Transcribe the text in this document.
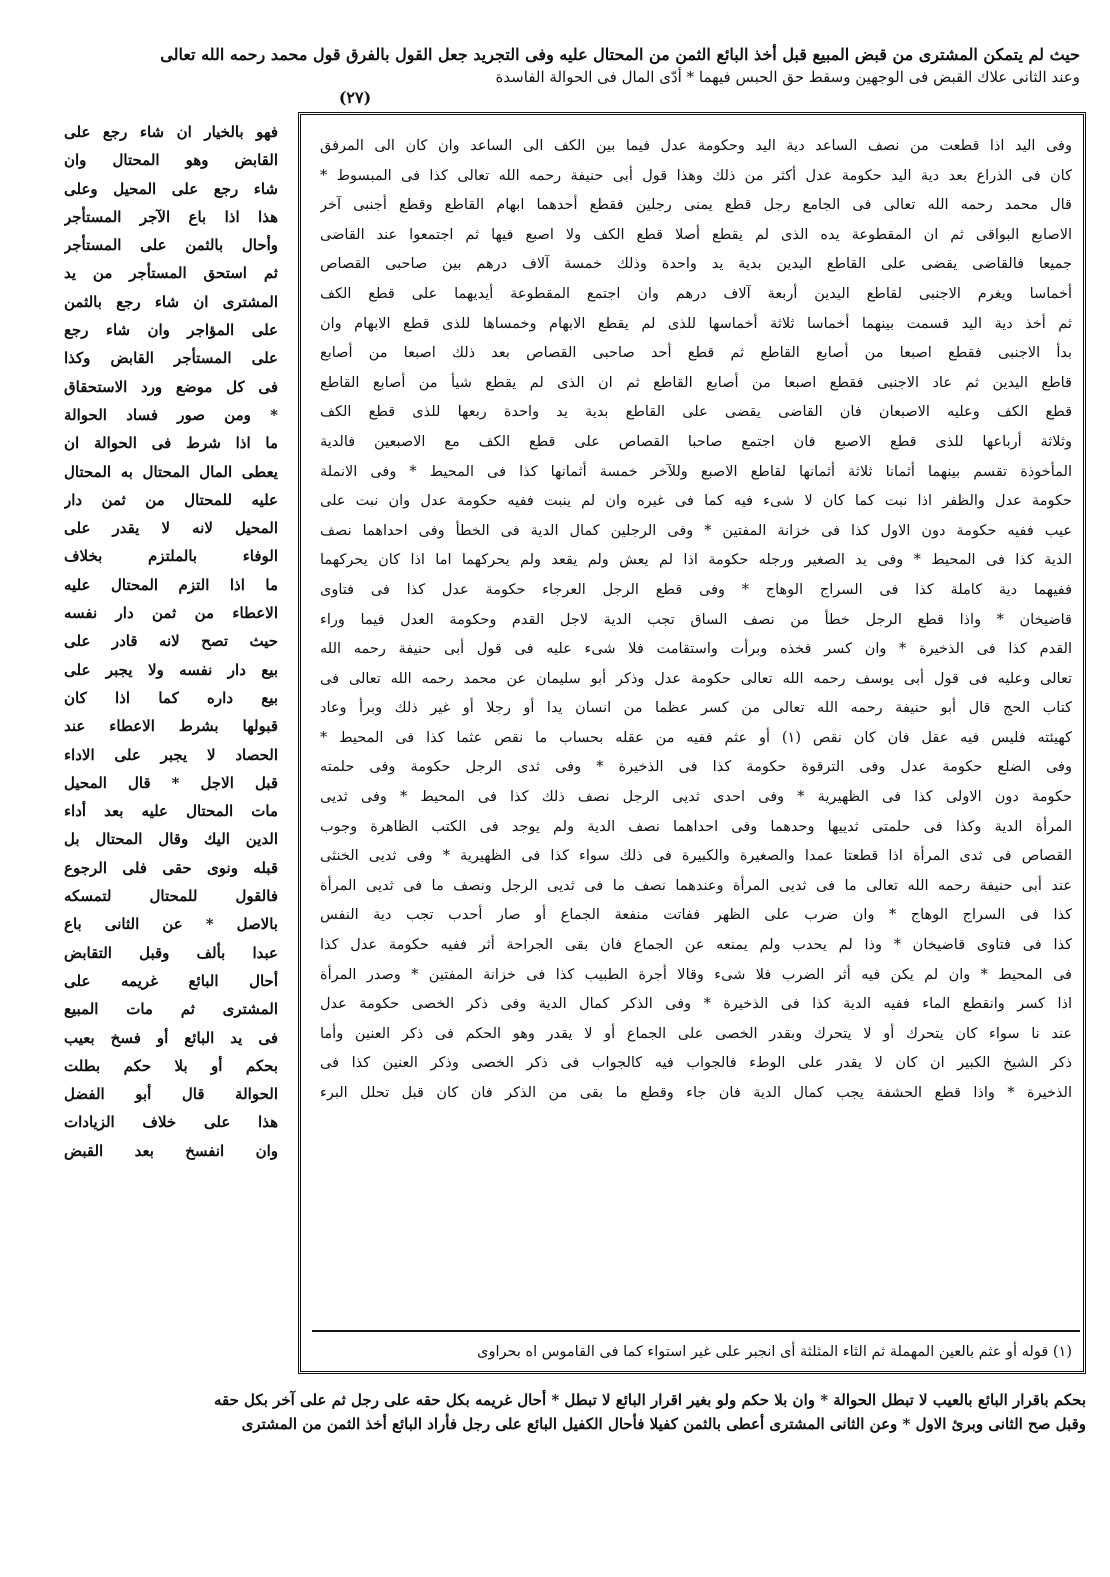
حيث لم يتمكن المشترى من قبض المبيع قبل أخذ البائع الثمن من المحتال عليه وفى التجريد جعل القول بالفرق قول محمد رحمه الله تعالى
وعند الثانى علاك القبض فى الوجهين وسقط حق الحبس فيهما * أدّى المال فى الحوالة الفاسدة
(٢٧)
وفى اليد اذا قطعت من نصف الساعد دية اليد وحكومة عدل فيما بين الكف الى الساعد وان كان الى المرفق
كان فى الذراع بعد دية اليد حكومة عدل أكثر من ذلك وهذا قول أبى حنيفة رحمه الله تعالى كذا فى المبسوط *
قال محمد رحمه الله تعالى فى الجامع رجل قطع يمنى رجلين فقطع أحدهما ابهام القاطع وقطع أجنبى آخر
الاصابع البواقى ثم ان المقطوعة يده الذى لم يقطع أصلا قطع الكف ولا اصبع فيها ثم اجتمعوا عند القاضى
جميعا فالقاضى يقضى على القاطع اليدين بدية يد واحدة وذلك خمسة آلاف درهم بين صاحبى القصاص
أخماسا ويغرم الاجنبى لقاطع اليدين أربعة آلاف درهم وان اجتمع المقطوعة أيديهما على قطع الكف
ثم أخذ دية اليد قسمت بينهما أخماسا ثلاثة أخماسها للذى لم يقطع الابهام وخمساها للذى قطع الابهام وان
بدأ الاجنبى فقطع اصبعا من أصابع القاطع ثم قطع أحد صاحبى القصاص بعد ذلك اصبعا من أصابع
قاطع اليدين ثم عاد الاجنبى فقطع اصبعا من أصابع القاطع ثم ان الذى لم يقطع شيأ من أصابع القاطع
قطع الكف وعليه الاصبعان فان القاضى يقضى على القاطع بدية يد واحدة ربعها للذى قطع الكف
وثلاثة أرباعها للذى قطع الاصبع فان اجتمع صاحبا القصاص على قطع الكف مع الاصبعين فالدية
المأخوذة تقسم بينهما أثمانا ثلاثة أثمانها لقاطع الاصبع وللآخر خمسة أثمانها كذا فى المحيط * وفى الانملة
حكومة عدل والظفر اذا نبت كما كان لا شىء فيه كما فى غيره وان لم ينبت ففيه حكومة عدل وان نبت على
عيب ففيه حكومة دون الاول كذا فى خزانة المفتين * وفى الرجلين كمال الدية فى الخطأ وفى احداهما نصف
الدية كذا فى المحيط * وفى يد الصغير ورجله حكومة اذا لم يعش ولم يقعد ولم يحركهما اما اذا كان يحركهما
ففيهما دية كاملة كذا فى السراج الوهاج * وفى قطع الرجل العرجاء حكومة عدل كذا فى فتاوى
قاضيخان * واذا قطع الرجل خطأ من نصف الساق تجب الدية لاجل القدم وحكومة العدل فيما وراء
القدم كذا فى الذخيرة * وان كسر فخذه وبرأت واستقامت فلا شىء عليه فى قول أبى حنيفة رحمه الله
تعالى وعليه فى قول أبى يوسف رحمه الله تعالى حكومة عدل وذكر أبو سليمان عن محمد رحمه الله تعالى فى
كتاب الحج قال أبو حنيفة رحمه الله تعالى من كسر عظما من انسان يدا أو رجلا أو غير ذلك وبرأ وعاد
كهيئته فليس فيه عقل فان كان نقص (١) أو عثم ففيه من عقله بحساب ما نقص عثما كذا فى المحيط *
وفى الضلع حكومة عدل وفى الترقوة حكومة كذا فى الذخيرة * وفى ثدى الرجل حكومة وفى حلمته
حكومة دون الاولى كذا فى الظهيرية * وفى احدى ثديى الرجل نصف ذلك كذا فى المحيط * وفى ثديى
المرأة الدية وكذا فى حلمتى ثدييها وحدهما وفى احداهما نصف الدية ولم يوجد فى الكتب الظاهرة وجوب
القصاص فى ثدى المرأة اذا قطعتا عمدا والصغيرة والكبيرة فى ذلك سواء كذا فى الظهيرية * وفى ثديى الخنثى
عند أبى حنيفة رحمه الله تعالى ما فى ثديى المرأة وعندهما نصف ما فى ثديى الرجل ونصف ما فى ثديى المرأة
كذا فى السراج الوهاج * وان ضرب على الظهر ففاتت منفعة الجماع أو صار أحدب تجب دية النفس
كذا فى فتاوى قاضيخان * وذا لم يحدب ولم يمنعه عن الجماع فان بقى الجراحة أثر ففيه حكومة عدل كذا
فى المحيط * وان لم يكن فيه أثر الضرب فلا شىء وقالا أجرة الطبيب كذا فى خزانة المفتين * وصدر المرأة
اذا كسر وانقطع الماء ففيه الدية كذا فى الذخيرة * وفى الذكر كمال الدية وفى ذكر الخصى حكومة عدل
عند نا سواء كان يتحرك أو لا يتحرك وبقدر الخصى على الجماع أو لا يقدر وهو الحكم فى ذكر العنين وأما
ذكر الشيخ الكبير ان كان لا يقدر على الوطء فالجواب فيه كالجواب فى ذكر الخصى وذكر العنين كذا فى
الذخيرة * واذا قطع الحشفة يجب كمال الدية فان جاء وقطع ما بقى من الذكر فان كان قبل تحلل البرء
(١) قوله أو عثم بالعين المهملة ثم الثاء المثلثة أى انجبر على غير استواء كما فى القاموس اه بحراوى
فهو بالخيار ان شاء رجع على
القابض وهو المحتال وان
شاء رجع على المحيل وعلى
هذا اذا باع الآجر المستأجر
وأحال بالثمن على المستأجر
ثم استحق المستأجر من يد
المشترى ان شاء رجع بالثمن
على المؤاجر وان شاء رجع
على المستأجر القابض وكذا
فى كل موضع ورد الاستحقاق
* ومن صور فساد الحوالة
ما اذا شرط فى الحوالة ان
يعطى المال المحتال به المحتال
عليه للمحتال من ثمن دار
المحيل لانه لا يقدر على
الوفاء بالملتزم بخلاف
ما اذا التزم المحتال عليه
الاعطاء من ثمن دار نفسه
حيث تصح لانه قادر على
بيع دار نفسه ولا يجبر على
بيع داره كما اذا كان
قبولها بشرط الاعطاء عند
الحصاد لا يجبر على الاداء
قبل الاجل * قال المحيل
مات المحتال عليه بعد أداء
الدين اليك وقال المحتال بل
قبله ونوى حقى فلى الرجوع
فالقول للمحتال لتمسكه
بالاصل * عن الثانى باع
عبدا بألف وقبل التقابض
أحال البائع غريمه على
المشترى ثم مات المبيع
فى يد البائع أو فسخ بعيب
بحكم أو بلا حكم بطلت
الحوالة قال أبو الفضل
هذا على خلاف الزيادات
وان انفسخ بعد القبض
بحكم باقرار البائع بالعيب لا تبطل الحوالة * وان بلا حكم ولو بغير اقرار البائع لا تبطل * أحال غريمه بكل حقه على رجل ثم على آخر بكل حقه
وقبل صح الثانى وبرئ الاول * وعن الثانى المشترى أعطى بالثمن كفيلا فأحال الكفيل البائع على رجل فأراد البائع أخذ الثمن من المشترى
